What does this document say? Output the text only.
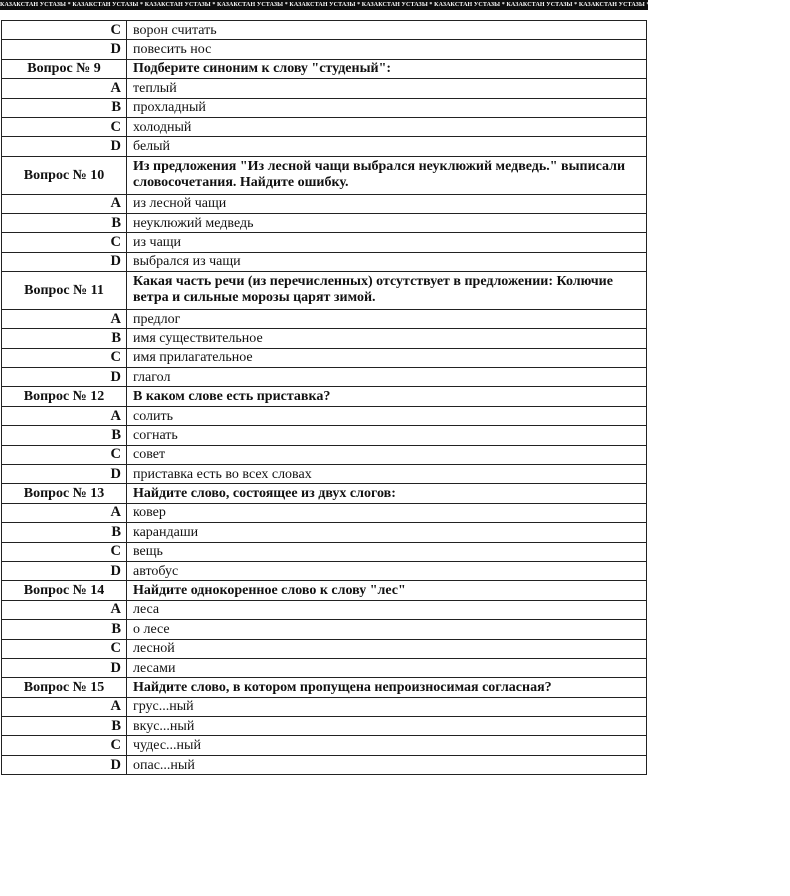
КАЗАКСТАН УСТАЗЫ * КАЗАКСТАН УСТАЗЫ * КАЗАКСТАН УСТАЗЫ * КАЗАКСТАН УСТАЗЫ * КАЗАКСТАН УСТАЗЫ * КАЗАКСТАН УСТАЗЫ * КАЗАКСТАН УСТАЗЫ * КАЗАКСТАН УСТАЗЫ * КАЗАКСТАН УСТАЗЫ * КАЗАКСТАН УСТАЗЫ * КАЗАКСТАН УСТАЗЫ
C	ворон считать
D	повесить нос
Вопрос № 9	Подберите синоним к слову "студеный":
A	теплый
B	прохладный
C	холодный
D	белый
Вопрос № 10	Из предложения "Из лесной чащи выбрался неуклюжий медведь." выписали словосочетания. Найдите ошибку.
A	из лесной чащи
B	неуклюжий медведь
C	из чащи
D	выбрался из чащи
Вопрос № 11	Какая часть речи (из перечисленных) отсутствует в предложении: Колючие ветра и сильные морозы царят зимой.
A	предлог
B	имя существительное
C	имя прилагательное
D	глагол
Вопрос № 12	В каком слове есть приставка?
A	солить
B	согнать
C	совет
D	приставка есть во всех словах
Вопрос № 13	Найдите слово, состоящее из двух слогов:
A	ковер
B	карандаши
C	вещь
D	автобус
Вопрос № 14	Найдите однокоренное слово к слову "лес"
A	леса
B	о лесе
C	лесной
D	лесами
Вопрос № 15	Найдите слово, в котором пропущена непроизносимая согласная?
A	грус...ный
B	вкус...ный
C	чудес...ный
D	опас...ный
